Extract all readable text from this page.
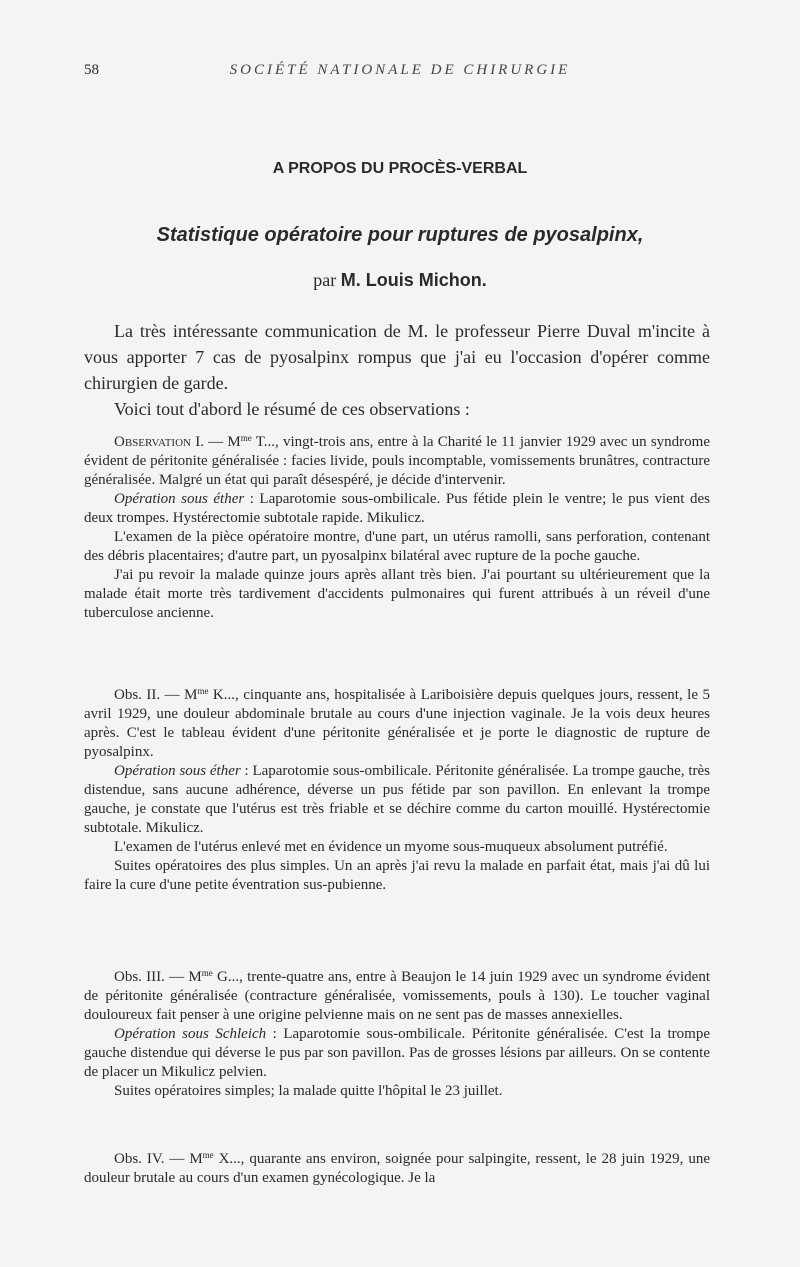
58	SOCIÉTÉ NATIONALE DE CHIRURGIE
A PROPOS DU PROCÈS-VERBAL
Statistique opératoire pour ruptures de pyosalpinx,
par M. Louis Michon.

La très intéressante communication de M. le professeur Pierre Duval m'incite à vous apporter 7 cas de pyosalpinx rompus que j'ai eu l'occasion d'opérer comme chirurgien de garde.

Voici tout d'abord le résumé de ces observations :

Observation I. — $M^{me}$ T..., vingt-trois ans, entre à la Charité le 11 janvier 1929 avec un syndrome évident de péritonite généralisée : facies livide, pouls incomptable, vomissements brunâtres, contracture généralisée. Malgré un état qui paraît désespéré, je décide d'intervenir.

Opération sous éther : Laparotomie sous-ombilicale. Pus fétide plein le ventre; le pus vient des deux trompes. Hystérectomie subtotale rapide. Mikulicz.

L'examen de la pièce opératoire montre, d'une part, un utérus ramolli, sans perforation, contenant des débris placentaires; d'autre part, un pyosalpinx bilatéral avec rupture de la poche gauche.

J'ai pu revoir la malade quinze jours après allant très bien. J'ai pourtant su ultérieurement que la malade était morte très tardivement d'accidents pulmonaires qui furent attribués à un réveil d'une tuberculose ancienne.

Obs. II. — $M^{me}$ K..., cinquante ans, hospitalisée à Lariboisière depuis quelques jours, ressent, le 5 avril 1929, une douleur abdominale brutale au cours d'une injection vaginale. Je la vois deux heures après. C'est le tableau évident d'une péritonite généralisée et je porte le diagnostic de rupture de pyosalpinx.

Opération sous éther : Laparotomie sous-ombilicale. Péritonite généralisée. La trompe gauche, très distendue, sans aucune adhérence, déverse un pus fétide par son pavillon. En enlevant la trompe gauche, je constate que l'utérus est très friable et se déchire comme du carton mouillé. Hystérectomie subtotale. Mikulicz.

L'examen de l'utérus enlevé met en évidence un myome sous-muqueux absolument putréfié.

Suites opératoires des plus simples. Un an après j'ai revu la malade en parfait état, mais j'ai dû lui faire la cure d'une petite éventration sus-pubienne.

Obs. III. — $M^{me}$ G..., trente-quatre ans, entre à Beaujon le 14 juin 1929 avec un syndrome évident de péritonite généralisée (contracture généralisée, vomissements, pouls à 130). Le toucher vaginal douloureux fait penser à une origine pelvienne mais on ne sent pas de masses annexielles.

Opération sous Schleich : Laparotomie sous-ombilicale. Péritonite généralisée. C'est la trompe gauche distendue qui déverse le pus par son pavillon. Pas de grosses lésions par ailleurs. On se contente de placer un Mikulicz pelvien.

Suites opératoires simples; la malade quitte l'hôpital le 23 juillet.

Obs. IV. — $M^{me}$ X..., quarante ans environ, soignée pour salpingite, ressent, le 28 juin 1929, une douleur brutale au cours d'un examen gynécologique. Je la
